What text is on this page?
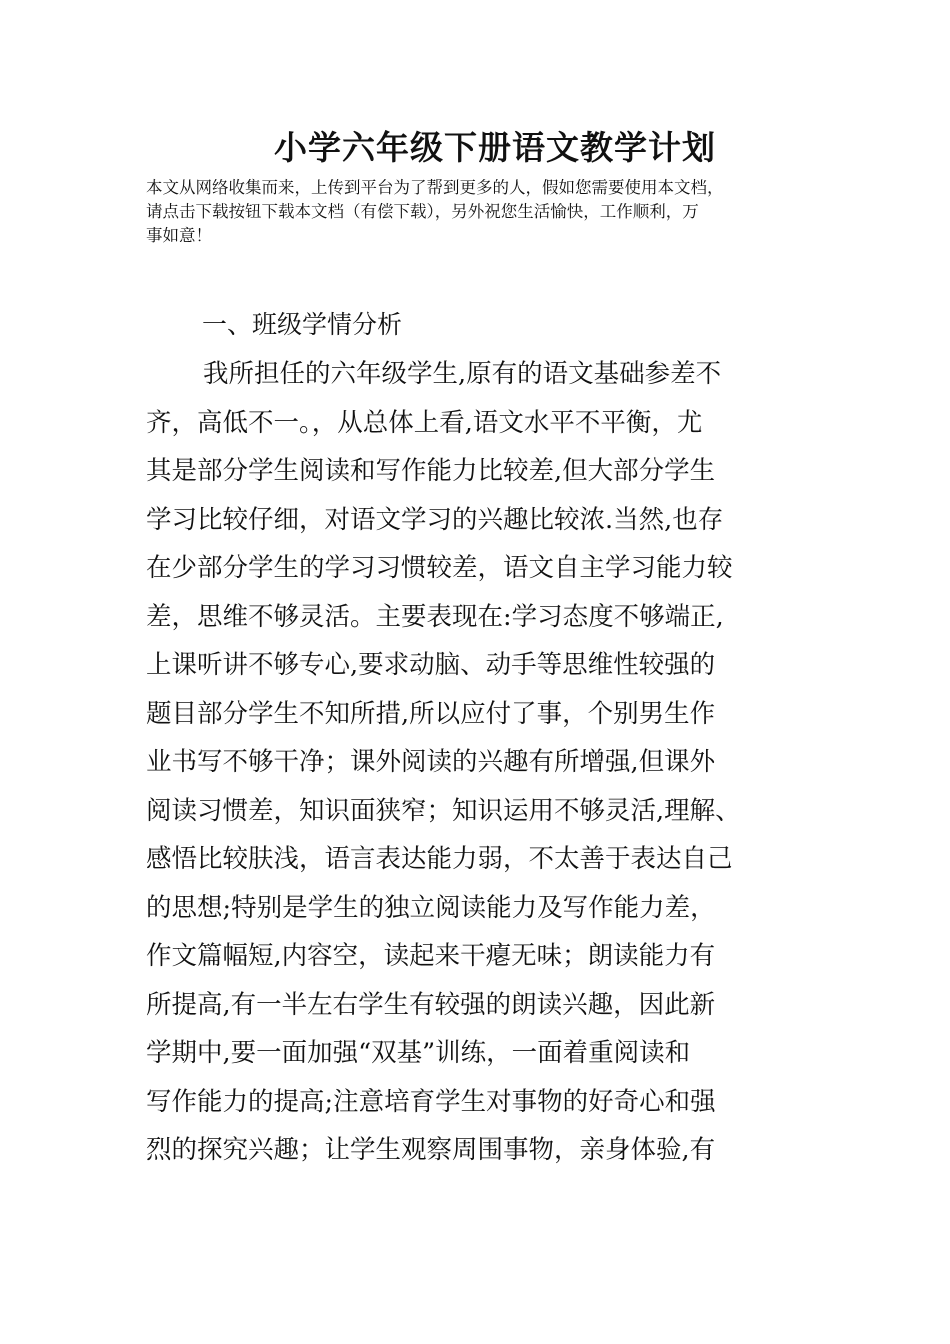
小学六年级下册语文教学计划
本文从网络收集而来，上传到平台为了帮到更多的人，假如您需要使用本文档，
请点击下载按钮下载本文档（有偿下载），另外祝您生活愉快，工作顺利，万
事如意！
一、班级学情分析
我所担任的六年级学生,原有的语文基础参差不
齐，高低不一。，从总体上看,语文水平不平衡，尤
其是部分学生阅读和写作能力比较差,但大部分学生
学习比较仔细，对语文学习的兴趣比较浓.当然,也存
在少部分学生的学习习惯较差，语文自主学习能力较
差，思维不够灵活。主要表现在:学习态度不够端正,
上课听讲不够专心,要求动脑、动手等思维性较强的
题目部分学生不知所措,所以应付了事，个别男生作
业书写不够干净；课外阅读的兴趣有所增强,但课外
阅读习惯差，知识面狭窄；知识运用不够灵活,理解、
感悟比较肤浅，语言表达能力弱，不太善于表达自己
的思想;特别是学生的独立阅读能力及写作能力差，
作文篇幅短,内容空，读起来干瘪无味；朗读能力有
所提高,有一半左右学生有较强的朗读兴趣，因此新
学期中,要一面加强“双基”训练，一面着重阅读和
写作能力的提高;注意培育学生对事物的好奇心和强
烈的探究兴趣；让学生观察周围事物，亲身体验,有
